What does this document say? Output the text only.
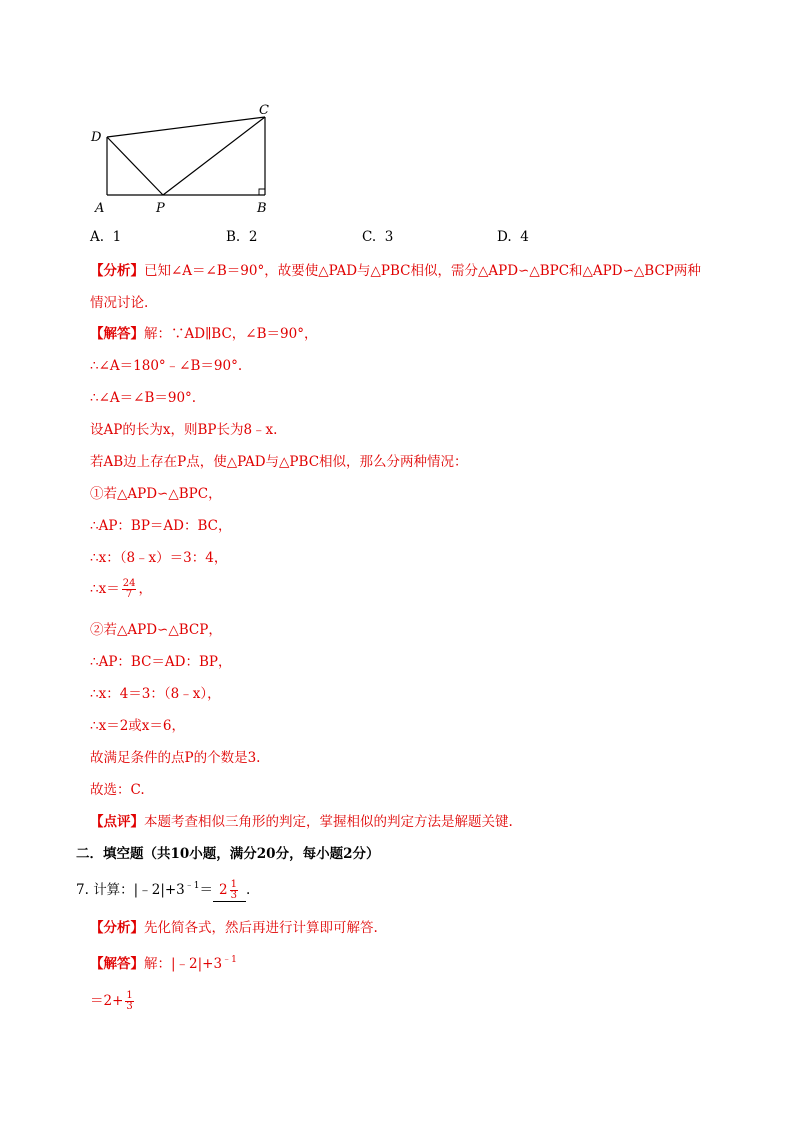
C
D
A	P	B
A. 1	B. 2	C. 3	D. 4
【分析】已知∠A＝∠B＝90°，故要使△PAD与△PBC相似，需分△APD∽△BPC和△APD∽△BCP两种
情况讨论.
【解答】解：∵AD∥BC，∠B＝90°，
∴∠A＝180°﹣∠B＝90°.
∴∠A＝∠B＝90°.
设AP的长为x，则BP长为8﹣x.
若AB边上存在P点，使△PAD与△PBC相似，那么分两种情况：
①若△APD∽△BPC，
∴AP：BP＝AD：BC，
∴x：（8﹣x）＝3：4，
∴x＝ $\frac{24}{7}$ ，
②若△APD∽△BCP，
∴AP：BC＝AD：BP，
∴x：4＝3：（8﹣x），
∴x＝2或x＝6，
故满足条件的点P的个数是3.
故选：C.
【点评】本题考查相似三角形的判定，掌握相似的判定方法是解题关键.
二．填空题（共10小题，满分20分，每小题2分）
7. 计算：$|﹣2|+3^{﹣1}= 2 \frac{1}{3}$ .
【分析】先化简各式，然后再进行计算即可解答.
【解答】解：$|﹣2|+3^{﹣1}$
$=2+ \frac{1}{3}$
